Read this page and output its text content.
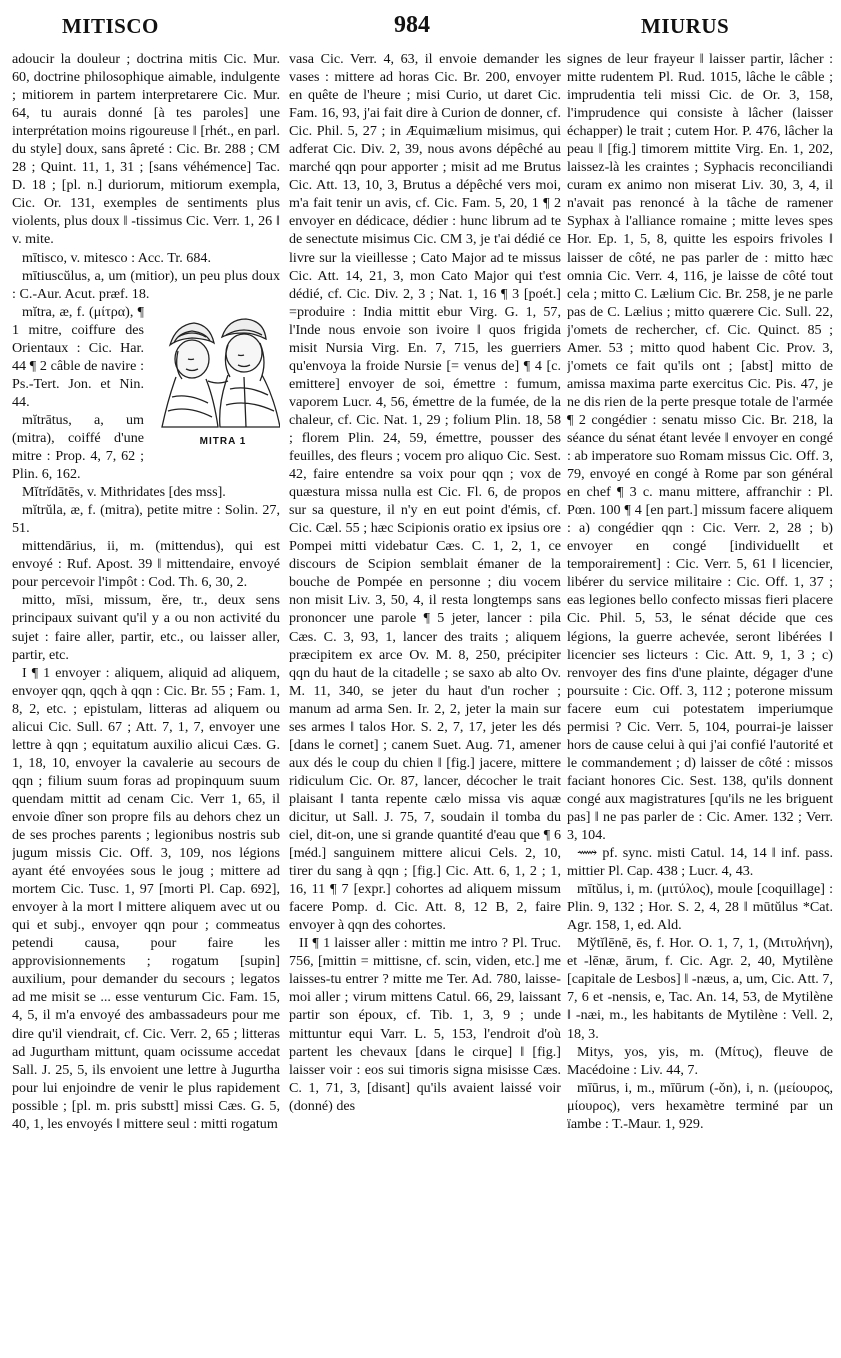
MITISCO	984	MIURUS

adoucir la douleur ; doctrina mitis Cic. Mur. 60, doctrine philosophique aimable, indulgente ; mitiorem in partem interpretarere Cic. Mur. 64, tu aurais donné [à tes paroles] une interprétation moins rigoureuse ‖ [rhét., en parl. du style] doux, sans âpreté : Cic. Br. 288 ; CM 28 ; Quint. 11, 1, 31 ; [sans véhémence] Tac. D. 18 ; [pl. n.] duriorum, mitiorum exempla, Cic. Or. 131, exemples de sentiments plus violents, plus doux ‖ -tissimus Cic. Verr. 1, 26 ‖ v. mite.

mītisco, v. mitesco : Acc. Tr. 684.

mītiuscŭlus, a, um (mitior), un peu plus doux : C.-Aur. Acut. præf. 18.

MITRA 1

mĭtra, æ, f. (μίτρα), ¶ 1 mitre, coiffure des Orientaux : Cic. Har. 44 ¶ 2 câble de navire : Ps.-Tert. Jon. et Nin. 44.

mĭtrātus, a, um (mitra), coiffé d'une mitre : Prop. 4, 7, 62 ; Plin. 6, 162.

Mĭtrĭdātēs, v. Mithridates [des mss].

mĭtrŭla, æ, f. (mitra), petite mitre : Solin. 27, 51.

mittendārius, ii, m. (mittendus), qui est envoyé : Ruf. Apost. 39 ‖ mittendaire, envoyé pour percevoir l'impôt : Cod. Th. 6, 30, 2.

mitto, mīsi, missum, ĕre, tr., deux sens principaux suivant qu'il y a ou non activité du sujet : faire aller, partir, etc., ou laisser aller, partir, etc.

I ¶ 1 envoyer : aliquem, aliquid ad aliquem, envoyer qqn, qqch à qqn : Cic. Br. 55 ; Fam. 1, 8, 2, etc. ; epistulam, litteras ad aliquem ou alicui Cic. Sull. 67 ; Att. 7, 1, 7, envoyer une lettre à qqn ; equitatum auxilio alicui Cæs. G. 1, 18, 10, envoyer la cavalerie au secours de qqn ; filium suum foras ad propinquum suum quendam mittit ad cenam Cic. Verr 1, 65, il envoie dîner son propre fils au dehors chez un de ses proches parents ; legionibus nostris sub jugum missis Cic. Off. 3, 109, nos légions ayant été envoyées sous le joug ; mittere ad mortem Cic. Tusc. 1, 97 [morti Pl. Cap. 692], envoyer à la mort ‖ mittere aliquem avec ut ou qui et subj., envoyer qqn pour ; commeatus petendi causa, pour faire les approvisionnements ; rogatum [supin] auxilium, pour demander du secours ; legatos ad me misit se ... esse venturum Cic. Fam. 15, 4, 5, il m'a envoyé des ambassadeurs pour me dire qu'il viendrait, cf. Cic. Verr. 2, 65 ; litteras ad Jugurtham mittunt, quam ocissume accedat Sall. J. 25, 5, ils envoient une lettre à Jugurtha pour lui enjoindre de venir le plus rapidement possible ; [pl. m. pris substt] missi Cæs. G. 5, 40, 1, les envoyés ‖ mittere seul : mitti rogatum

vasa Cic. Verr. 4, 63, il envoie demander les vases : mittere ad horas Cic. Br. 200, envoyer en quête de l'heure ; misi Curio, ut daret Cic. Fam. 16, 93, j'ai fait dire à Curion de donner, cf. Cic. Phil. 5, 27 ; in Æquimælium misimus, qui adferat Cic. Div. 2, 39, nous avons dépêché au marché qqn pour apporter ; misit ad me Brutus Cic. Att. 13, 10, 3, Brutus a dépêché vers moi, m'a fait tenir un avis, cf. Cic. Fam. 5, 20, 1 ¶ 2 envoyer en dédicace, dédier : hunc librum ad te de senectute misimus Cic. CM 3, je t'ai dédié ce livre sur la vieillesse ; Cato Major ad te missus Cic. Att. 14, 21, 3, mon Cato Major qui t'est dédié, cf. Cic. Div. 2, 3 ; Nat. 1, 16 ¶ 3 [poét.] =produire : India mittit ebur Virg. G. 1, 57, l'Inde nous envoie son ivoire ‖ quos frigida misit Nursia Virg. En. 7, 715, les guerriers qu'envoya la froide Nursie [= venus de] ¶ 4 [c. emittere] envoyer de soi, émettre : fumum, vaporem Lucr. 4, 56, émettre de la fumée, de la chaleur, cf. Cic. Nat. 1, 29 ; folium Plin. 18, 58 ; florem Plin. 24, 59, émettre, pousser des feuilles, des fleurs ; vocem pro aliquo Cic. Sest. 42, faire entendre sa voix pour qqn ; vox de quæstura missa nulla est Cic. Fl. 6, de propos sur sa questure, il n'y en eut point d'émis, cf. Cic. Cæl. 55 ; hæc Scipionis oratio ex ipsius ore Pompei mitti videbatur Cæs. C. 1, 2, 1, ce discours de Scipion semblait émaner de la bouche de Pompée en personne ; diu vocem non misit Liv. 3, 50, 4, il resta longtemps sans prononcer une parole ¶ 5 jeter, lancer : pila Cæs. C. 3, 93, 1, lancer des traits ; aliquem præcipitem ex arce Ov. M. 8, 250, précipiter qqn du haut de la citadelle ; se saxo ab alto Ov. M. 11, 340, se jeter du haut d'un rocher ; manum ad arma Sen. Ir. 2, 2, jeter la main sur ses armes ‖ talos Hor. S. 2, 7, 17, jeter les dés [dans le cornet] ; canem Suet. Aug. 71, amener aux dés le coup du chien ‖ [fig.] jacere, mittere ridiculum Cic. Or. 87, lancer, décocher le trait plaisant ‖ tanta repente cælo missa vis aquæ dicitur, ut Sall. J. 75, 7, soudain il tomba du ciel, dit-on, une si grande quantité d'eau que ¶ 6 [méd.] sanguinem mittere alicui Cels. 2, 10, tirer du sang à qqn ; [fig.] Cic. Att. 6, 1, 2 ; 1, 16, 11 ¶ 7 [expr.] cohortes ad aliquem missum facere Pomp. d. Cic. Att. 8, 12 B, 2, faire envoyer à qqn des cohortes.

II ¶ 1 laisser aller : mittin me intro ? Pl. Truc. 756, [mittin = mittisne, cf. scin, viden, etc.] me laisses-tu entrer ? mitte me Ter. Ad. 780, laisse-moi aller ; virum mittens Catul. 66, 29, laissant partir son époux, cf. Tib. 1, 3, 9 ; unde mittuntur equi Varr. L. 5, 153, l'endroit d'où partent les chevaux [dans le cirque] ‖ [fig.] laisser voir : eos sui timoris signa misisse Cæs. C. 1, 71, 3, [disant] qu'ils avaient laissé voir (donné) des

signes de leur frayeur ‖ laisser partir, lâcher : mitte rudentem Pl. Rud. 1015, lâche le câble ; imprudentia teli missi Cic. de Or. 3, 158, l'imprudence qui consiste à lâcher (laisser échapper) le trait ; cutem Hor. P. 476, lâcher la peau ‖ [fig.] timorem mittite Virg. En. 1, 202, laissez-là les craintes ; Syphacis reconciliandi curam ex animo non miserat Liv. 30, 3, 4, il n'avait pas renoncé à la tâche de ramener Syphax à l'alliance romaine ; mitte leves spes Hor. Ep. 1, 5, 8, quitte les espoirs frivoles ‖ laisser de côté, ne pas parler de : mitto hæc omnia Cic. Verr. 4, 116, je laisse de côté tout cela ; mitto C. Lælium Cic. Br. 258, je ne parle pas de C. Lælius ; mitto quærere Cic. Sull. 22, j'omets de rechercher, cf. Cic. Quinct. 85 ; Amer. 53 ; mitto quod habent Cic. Prov. 3, j'omets ce fait qu'ils ont ; [abst] mitto de amissa maxima parte exercitus Cic. Pis. 47, je ne dis rien de la perte presque totale de l'armée ¶ 2 congédier : senatu misso Cic. Br. 218, la séance du sénat étant levée ‖ envoyer en congé : ab imperatore suo Romam missus Cic. Off. 3, 79, envoyé en congé à Rome par son général en chef ¶ 3 c. manu mittere, affranchir : Pl. Pœn. 100 ¶ 4 [en part.] missum facere aliquem : a) congédier qqn : Cic. Verr. 2, 28 ; b) envoyer en congé [individuellt et temporairement] : Cic. Verr. 5, 61 ‖ licencier, libérer du service militaire : Cic. Off. 1, 37 ; eas legiones bello confecto missas fieri placere Cic. Phil. 5, 53, le sénat décide que ces légions, la guerre achevée, seront libérées ‖ licencier ses licteurs : Cic. Att. 9, 1, 3 ; c) renvoyer des fins d'une plainte, dégager d'une poursuite : Cic. Off. 3, 112 ; poterone missum facere eum cui potestatem imperiumque permisi ? Cic. Verr. 5, 104, pourrai-je laisser hors de cause celui à qui j'ai confié l'autorité et le commandement ; d) laisser de côté : missos faciant honores Cic. Sest. 138, qu'ils donnent congé aux magistratures [qu'ils ne les briguent pas] ‖ ne pas parler de : Cic. Amer. 132 ; Verr. 3, 104.

⟿ pf. sync. misti Catul. 14, 14 ‖ inf. pass. mittier Pl. Cap. 438 ; Lucr. 4, 43.

mītŭlus, i, m. (μιτύλος), moule [coquillage] : Plin. 9, 132 ; Hor. S. 2, 4, 28 ‖ mūtŭlus *Cat. Agr. 158, 1, ed. Ald.

Mўtĭlēnē, ēs, f. Hor. O. 1, 7, 1, (Μιτυλήνη), et -lēnæ, ārum, f. Cic. Agr. 2, 40, Mytilène [capitale de Lesbos] ‖ -næus, a, um, Cic. Att. 7, 7, 6 et -nensis, e, Tac. An. 14, 53, de Mytilène ‖ -næi, m., les habitants de Mytilène : Vell. 2, 18, 3.

Mitys, yos, yis, m. (Μίτυς), fleuve de Macédoine : Liv. 44, 7.

mīūrus, i, m., mīūrum (-ŏn), i, n. (μείουρος, μίουρος), vers hexamètre terminé par un ïambe : T.-Maur. 1, 929.
